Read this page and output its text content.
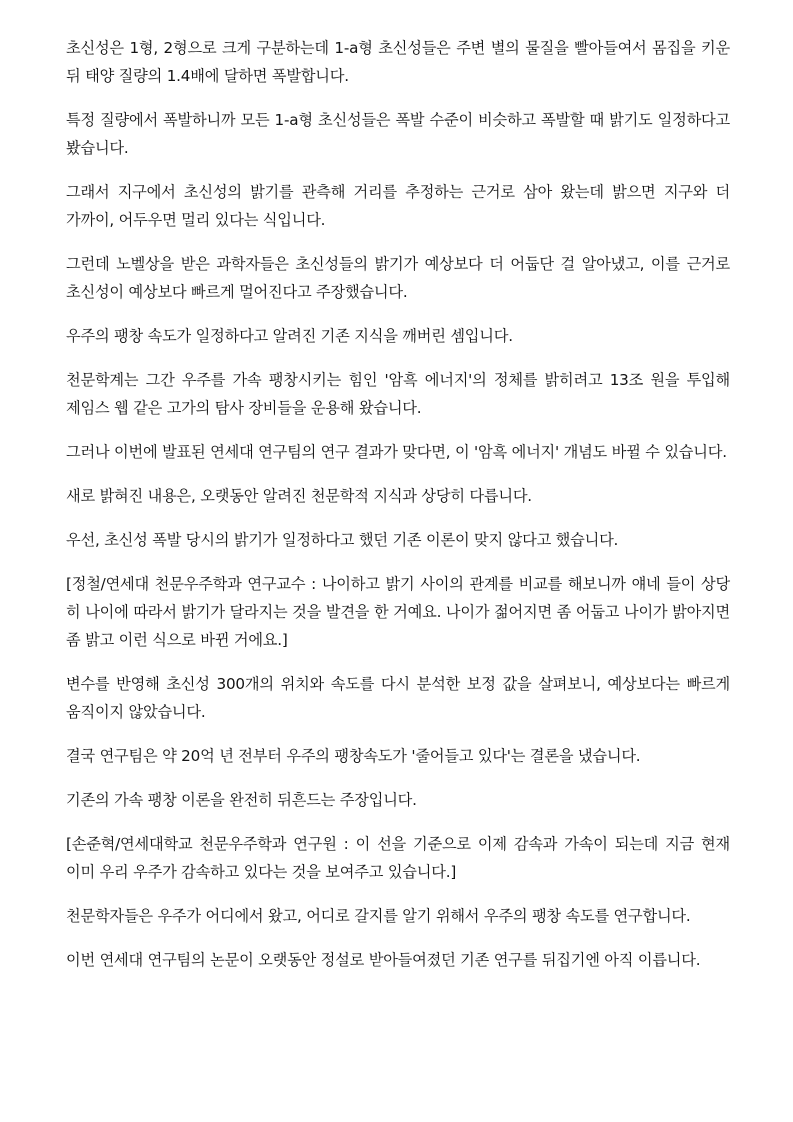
초신성은 1형, 2형으로 크게 구분하는데 1-a형 초신성들은 주변 별의 물질을 빨아들여서 몸집을 키운 뒤 태양 질량의 1.4배에 달하면 폭발합니다.

특정 질량에서 폭발하니까 모든 1-a형 초신성들은 폭발 수준이 비슷하고 폭발할 때 밝기도 일정하다고 봤습니다.

그래서 지구에서 초신성의 밝기를 관측해 거리를 추정하는 근거로 삼아 왔는데 밝으면 지구와 더 가까이, 어두우면 멀리 있다는 식입니다.

그런데 노벨상을 받은 과학자들은 초신성들의 밝기가 예상보다 더 어둡단 걸 알아냈고, 이를 근거로 초신성이 예상보다 빠르게 멀어진다고 주장했습니다.

우주의 팽창 속도가 일정하다고 알려진 기존 지식을 깨버린 셈입니다.

천문학계는 그간 우주를 가속 팽창시키는 힘인 '암흑 에너지'의 정체를 밝히려고 13조 원을 투입해 제임스 웹 같은 고가의 탐사 장비들을 운용해 왔습니다.

그러나 이번에 발표된 연세대 연구팀의 연구 결과가 맞다면, 이 '암흑 에너지' 개념도 바뀔 수 있습니다.

새로 밝혀진 내용은, 오랫동안 알려진 천문학적 지식과 상당히 다릅니다.

우선, 초신성 폭발 당시의 밝기가 일정하다고 했던 기존 이론이 맞지 않다고 했습니다.

[정철/연세대 천문우주학과 연구교수 : 나이하고 밝기 사이의 관계를 비교를 해보니까 얘네 들이 상당 히 나이에 따라서 밝기가 달라지는 것을 발견을 한 거예요. 나이가 젊어지면 좀 어둡고 나이가 밝아지면 좀 밝고 이런 식으로 바뀐 거에요.]

변수를 반영해 초신성 300개의 위치와 속도를 다시 분석한 보정 값을 살펴보니, 예상보다는 빠르게 움직이지 않았습니다.

결국 연구팀은 약 20억 년 전부터 우주의 팽창속도가 '줄어들고 있다'는 결론을 냈습니다.

기존의 가속 팽창 이론을 완전히 뒤흔드는 주장입니다.

[손준혁/연세대학교 천문우주학과 연구원 : 이 선을 기준으로 이제 감속과 가속이 되는데 지금 현재 이미 우리 우주가 감속하고 있다는 것을 보여주고 있습니다.]

천문학자들은 우주가 어디에서 왔고, 어디로 갈지를 알기 위해서 우주의 팽창 속도를 연구합니다.

이번 연세대 연구팀의 논문이 오랫동안 정설로 받아들여졌던 기존 연구를 뒤집기엔 아직 이릅니다.
